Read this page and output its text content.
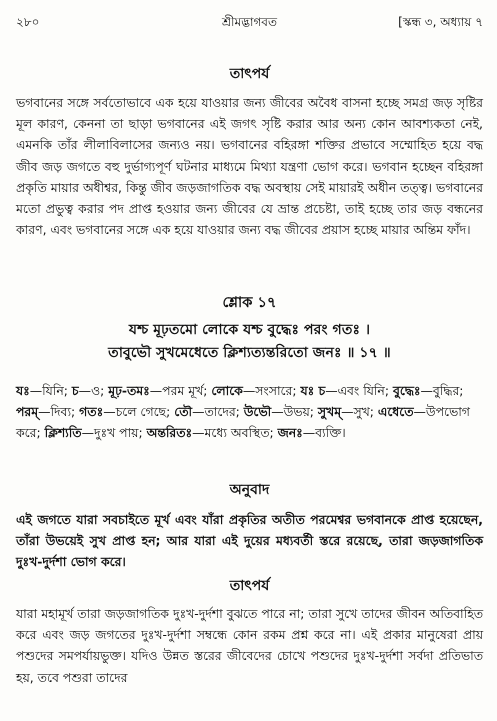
২৮০	শ্রীমদ্ভাগবত	[স্কন্ধ ৩, অধ্যায় ৭
তাৎপর্য

ভগবানের সঙ্গে সর্বতোভাবে এক হয়ে যাওয়ার জন্য জীবের অবৈধ বাসনা হচ্ছে সমগ্র জড় সৃষ্টির মূল কারণ, কেননা তা ছাড়া ভগবানের এই জগৎ সৃষ্টি করার আর অন্য কোন আবশ্যকতা নেই, এমনকি তাঁর লীলাবিলাসের জন্যও নয়। ভগবানের বহিরঙ্গা শক্তির প্রভাবে সম্মোহিত হয়ে বদ্ধ জীব জড় জগতে বহু দুর্ভাগ্যপূর্ণ ঘটনার মাধ্যমে মিথ্যা যন্ত্রণা ভোগ করে। ভগবান হচ্ছেন বহিরঙ্গা প্রকৃতি মায়ার অধীশ্বর, কিন্তু জীব জড়জাগতিক বদ্ধ অবস্থায় সেই মায়ারই অধীন তত্ত্ব। ভগবানের মতো প্রভুত্ব করার পদ প্রাপ্ত হওয়ার জন্য জীবের যে ভ্রান্ত প্রচেষ্টা, তাই হচ্ছে তার জড় বন্ধনের কারণ, এবং ভগবানের সঙ্গে এক হয়ে যাওয়ার জন্য বদ্ধ জীবের প্রয়াস হচ্ছে মায়ার অন্তিম ফাঁদ।

শ্লোক ১৭

যশ্চ মূঢ়তমো লোকে যশ্চ বুদ্ধেঃ পরং গতঃ ।

তাবুভৌ সুখমেধেতে ক্লিশ্যত্যন্তরিতো জনঃ ॥ ১৭ ॥

যঃ—যিনি; চ—ও; মূঢ়-তমঃ—পরম মূর্খ; লোকে—সংসারে; যঃ চ—এবং যিনি; বুদ্ধেঃ—বুদ্ধির; পরম্—দিব্য; গতঃ—চলে গেছে; তৌ—তাদের; উভৌ—উভয়; সুখম্—সুখ; এধেতে—উপভোগ করে; ক্লিশ্যতি—দুঃখ পায়; অন্তরিতঃ—মধ্যে অবস্থিত; জনঃ—ব্যক্তি।

অনুবাদ

এই জগতে যারা সবচাইতে মূর্খ এবং যাঁরা প্রকৃতির অতীত পরমেশ্বর ভগবানকে প্রাপ্ত হয়েছেন, তাঁরা উভয়েই সুখ প্রাপ্ত হন; আর যারা এই দুয়ের মধ্যবর্তী স্তরে রয়েছে, তারা জড়জাগতিক দুঃখ-দুর্দশা ভোগ করে।

তাৎপর্য

যারা মহামূর্খ তারা জড়জাগতিক দুঃখ-দুর্দশা বুঝতে পারে না; তারা সুখে তাদের জীবন অতিবাহিত করে এবং জড় জগতের দুঃখ-দুর্দশা সম্বন্ধে কোন রকম প্রশ্ন করে না। এই প্রকার মানুষেরা প্রায় পশুদের সমপর্যায়ভুক্ত। যদিও উন্নত স্তরের জীবেদের চোখে পশুদের দুঃখ-দুর্দশা সর্বদা প্রতিভাত হয়, তবে পশুরা তাদের
